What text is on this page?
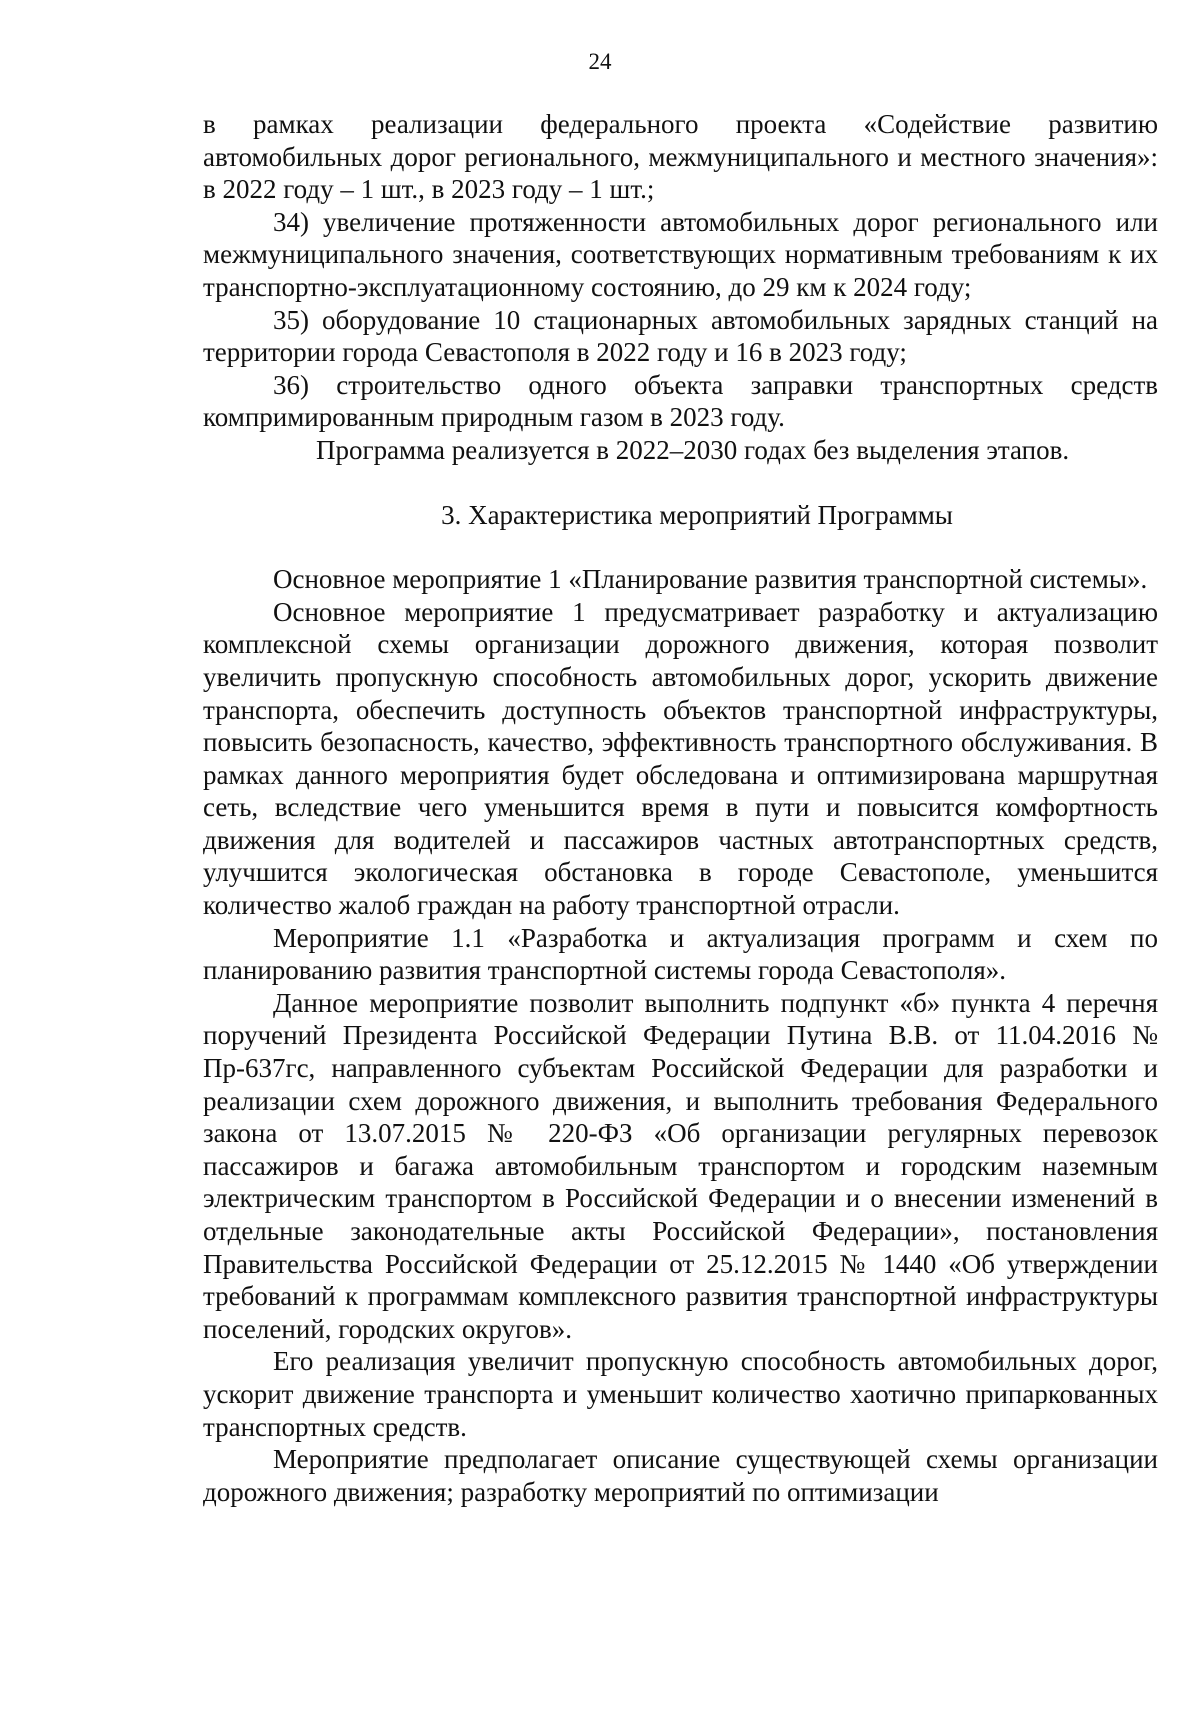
24

в рамках реализации федерального проекта «Содействие развитию автомобильных дорог регионального, межмуниципального и местного значения»: в 2022 году – 1 шт., в 2023 году – 1 шт.;

34) увеличение протяженности автомобильных дорог регионального или межмуниципального значения, соответствующих нормативным требованиям к их транспортно-эксплуатационному состоянию, до 29 км к 2024 году;

35) оборудование 10 стационарных автомобильных зарядных станций на территории города Севастополя в 2022 году и 16 в 2023 году;

36) строительство одного объекта заправки транспортных средств компримированным природным газом в 2023 году.

Программа реализуется в 2022–2030 годах без выделения этапов.

3. Характеристика мероприятий Программы

Основное мероприятие 1 «Планирование развития транспортной системы».

Основное мероприятие 1 предусматривает разработку и актуализацию комплексной схемы организации дорожного движения, которая позволит увеличить пропускную способность автомобильных дорог, ускорить движение транспорта, обеспечить доступность объектов транспортной инфраструктуры, повысить безопасность, качество, эффективность транспортного обслуживания. В рамках данного мероприятия будет обследована и оптимизирована маршрутная сеть, вследствие чего уменьшится время в пути и повысится комфортность движения для водителей и пассажиров частных автотранспортных средств, улучшится экологическая обстановка в городе Севастополе, уменьшится количество жалоб граждан на работу транспортной отрасли.

Мероприятие 1.1 «Разработка и актуализация программ и схем по планированию развития транспортной системы города Севастополя».

Данное мероприятие позволит выполнить подпункт «б» пункта 4 перечня поручений Президента Российской Федерации Путина В.В. от 11.04.2016 № Пр-637гс, направленного субъектам Российской Федерации для разработки и реализации схем дорожного движения, и выполнить требования Федерального закона от 13.07.2015 № 220-ФЗ «Об организации регулярных перевозок пассажиров и багажа автомобильным транспортом и городским наземным электрическим транспортом в Российской Федерации и о внесении изменений в отдельные законодательные акты Российской Федерации», постановления Правительства Российской Федерации от 25.12.2015 № 1440 «Об утверждении требований к программам комплексного развития транспортной инфраструктуры поселений, городских округов».

Его реализация увеличит пропускную способность автомобильных дорог, ускорит движение транспорта и уменьшит количество хаотично припаркованных транспортных средств.

Мероприятие предполагает описание существующей схемы организации дорожного движения; разработку мероприятий по оптимизации
